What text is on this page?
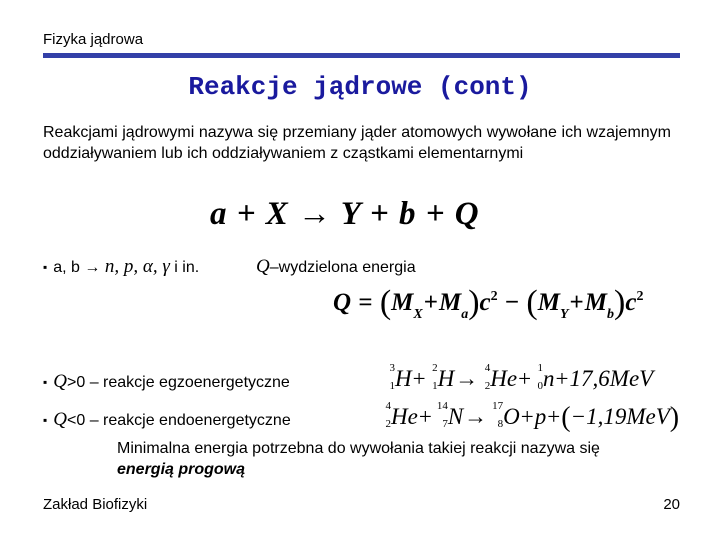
Fizyka jądrowa
Reakcje jądrowe (cont)
Reakcjami jądrowymi nazywa się przemiany jąder atomowych wywołane ich wzajemnym oddziaływaniem lub ich oddziaływaniem z cząstkami elementarnymi
a + X → Y + b + Q
▪ a, b → n, p, α, γ i in.	Q–wydzielona energia
$Q = (M_X+M_a)c^2 - (M_Y+M_b)c^2$
▪ Q>0 – reakcje egzoenergetyczne
3
1 H+ 2
1 H→ 4
2 He+ 1
0 n+17,6MeV
▪ Q<0 – reakcje endoenergetyczne
4
2 He+ 14
7 N→ 17
8 O+p+(−1,19MeV)
Minimalna energia potrzebna do wywołania takiej reakcji nazywa się
energią progową
Zakład Biofizyki	20
